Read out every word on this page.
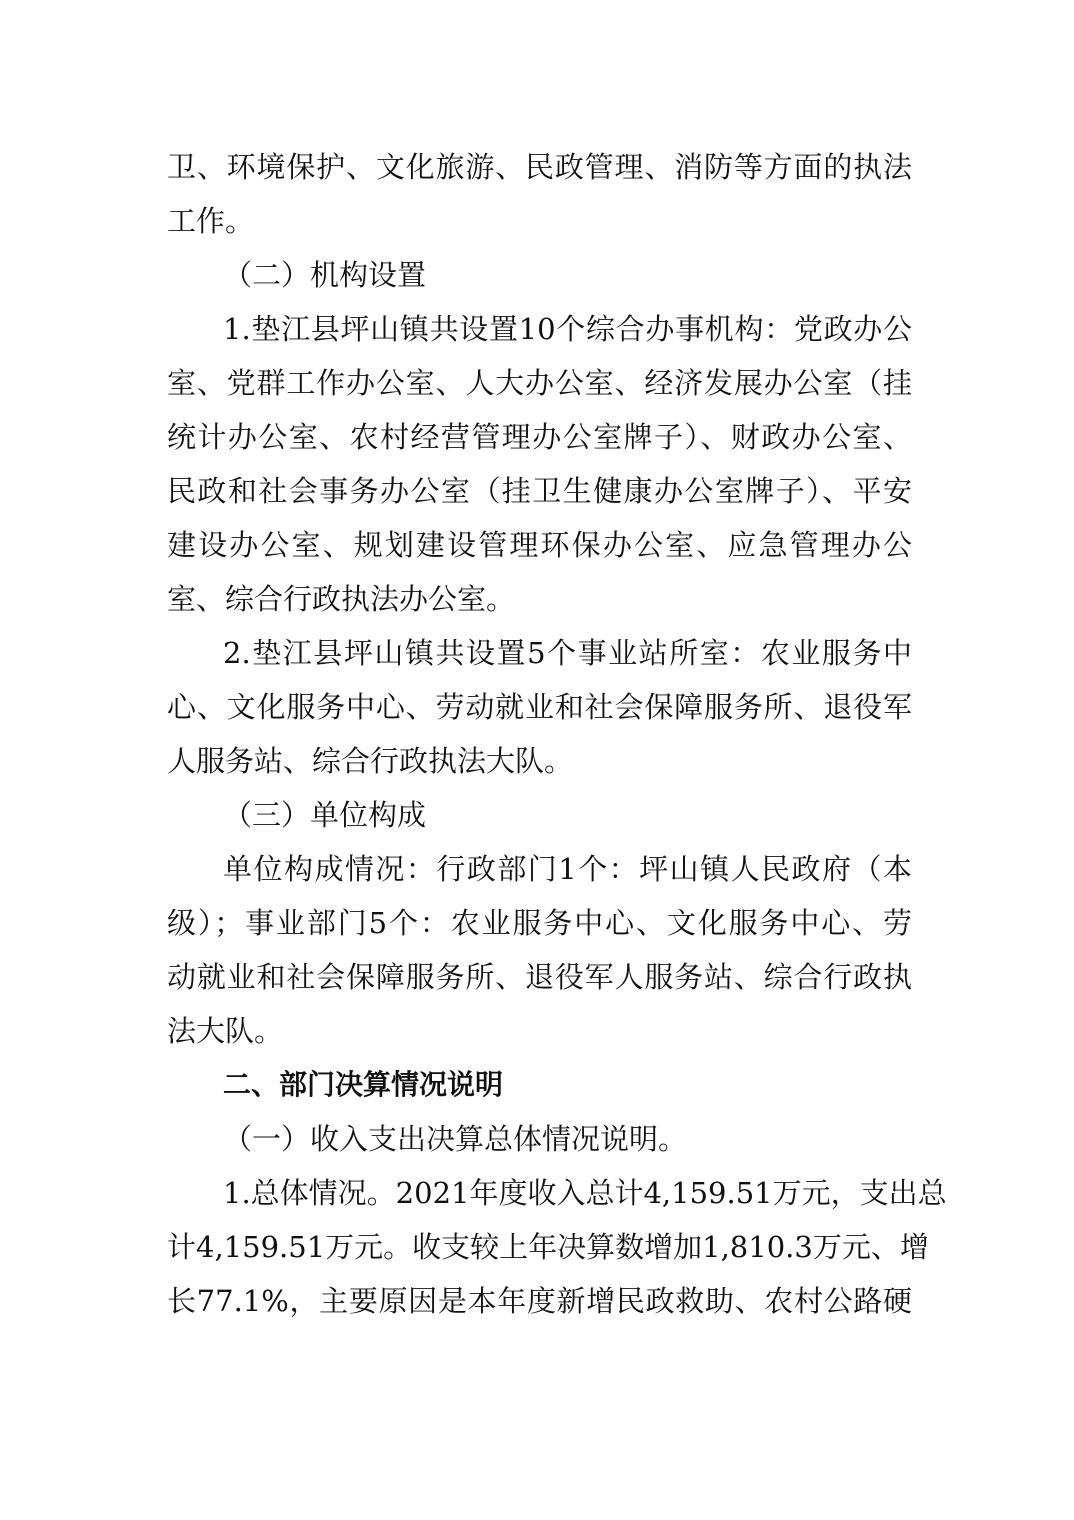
卫、环境保护、文化旅游、民政管理、消防等方面的执法
工作。
（二）机构设置
1.垫江县坪山镇共设置10个综合办事机构：党政办公
室、党群工作办公室、人大办公室、经济发展办公室（挂
统计办公室、农村经营管理办公室牌子）、财政办公室、
民政和社会事务办公室（挂卫生健康办公室牌子）、平安
建设办公室、规划建设管理环保办公室、应急管理办公
室、综合行政执法办公室。
2.垫江县坪山镇共设置5个事业站所室：农业服务中
心、文化服务中心、劳动就业和社会保障服务所、退役军
人服务站、综合行政执法大队。
（三）单位构成
单位构成情况：行政部门1个：坪山镇人民政府（本
级）；事业部门5个：农业服务中心、文化服务中心、劳
动就业和社会保障服务所、退役军人服务站、综合行政执
法大队。
二、部门决算情况说明
（一）收入支出决算总体情况说明。
1.总体情况。2021年度收入总计4,159.51万元，支出总
计4,159.51万元。收支较上年决算数增加1,810.3万元、增
长77.1%，主要原因是本年度新增民政救助、农村公路硬
